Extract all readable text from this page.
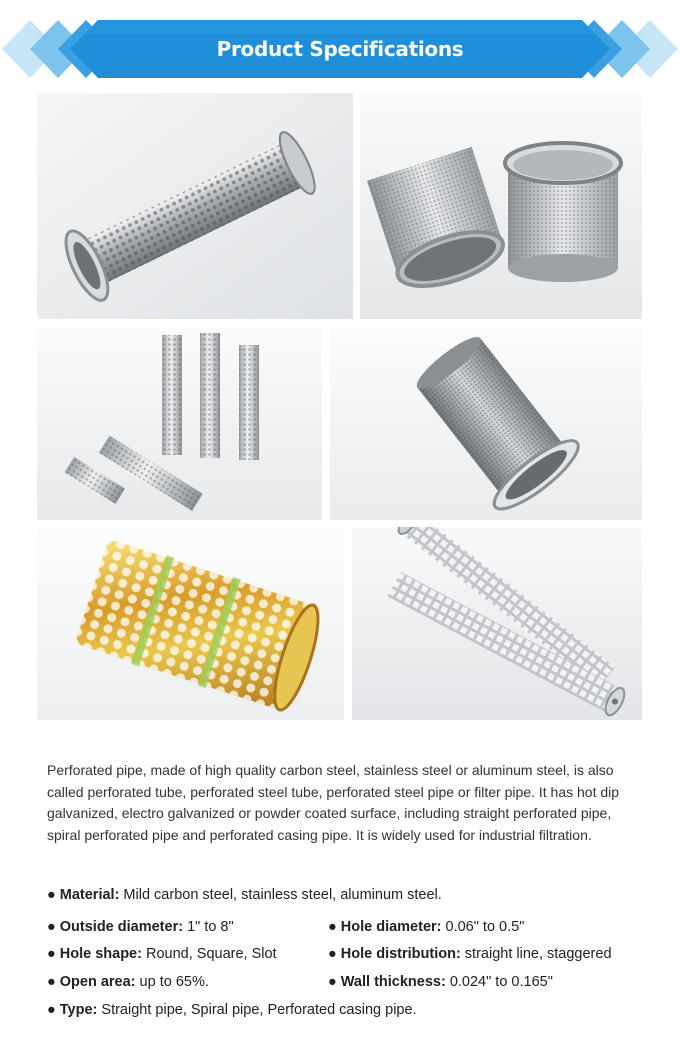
Product Specifications

Perforated pipe, made of high quality carbon steel, stainless steel or aluminum steel, is also called perforated tube, perforated steel tube, perforated steel pipe or filter pipe. It has hot dip galvanized, electro galvanized or powder coated surface, including straight perforated pipe, spiral perforated pipe and perforated casing pipe. It is widely used for industrial filtration.

● Material: Mild carbon steel, stainless steel, aluminum steel.
● Outside diameter: 1" to 8"	● Hole diameter: 0.06" to 0.5"
● Hole shape: Round, Square, Slot	● Hole distribution: straight line, staggered
● Open area: up to 65%.	● Wall thickness: 0.024" to 0.165"
● Type: Straight pipe, Spiral pipe, Perforated casing pipe.
